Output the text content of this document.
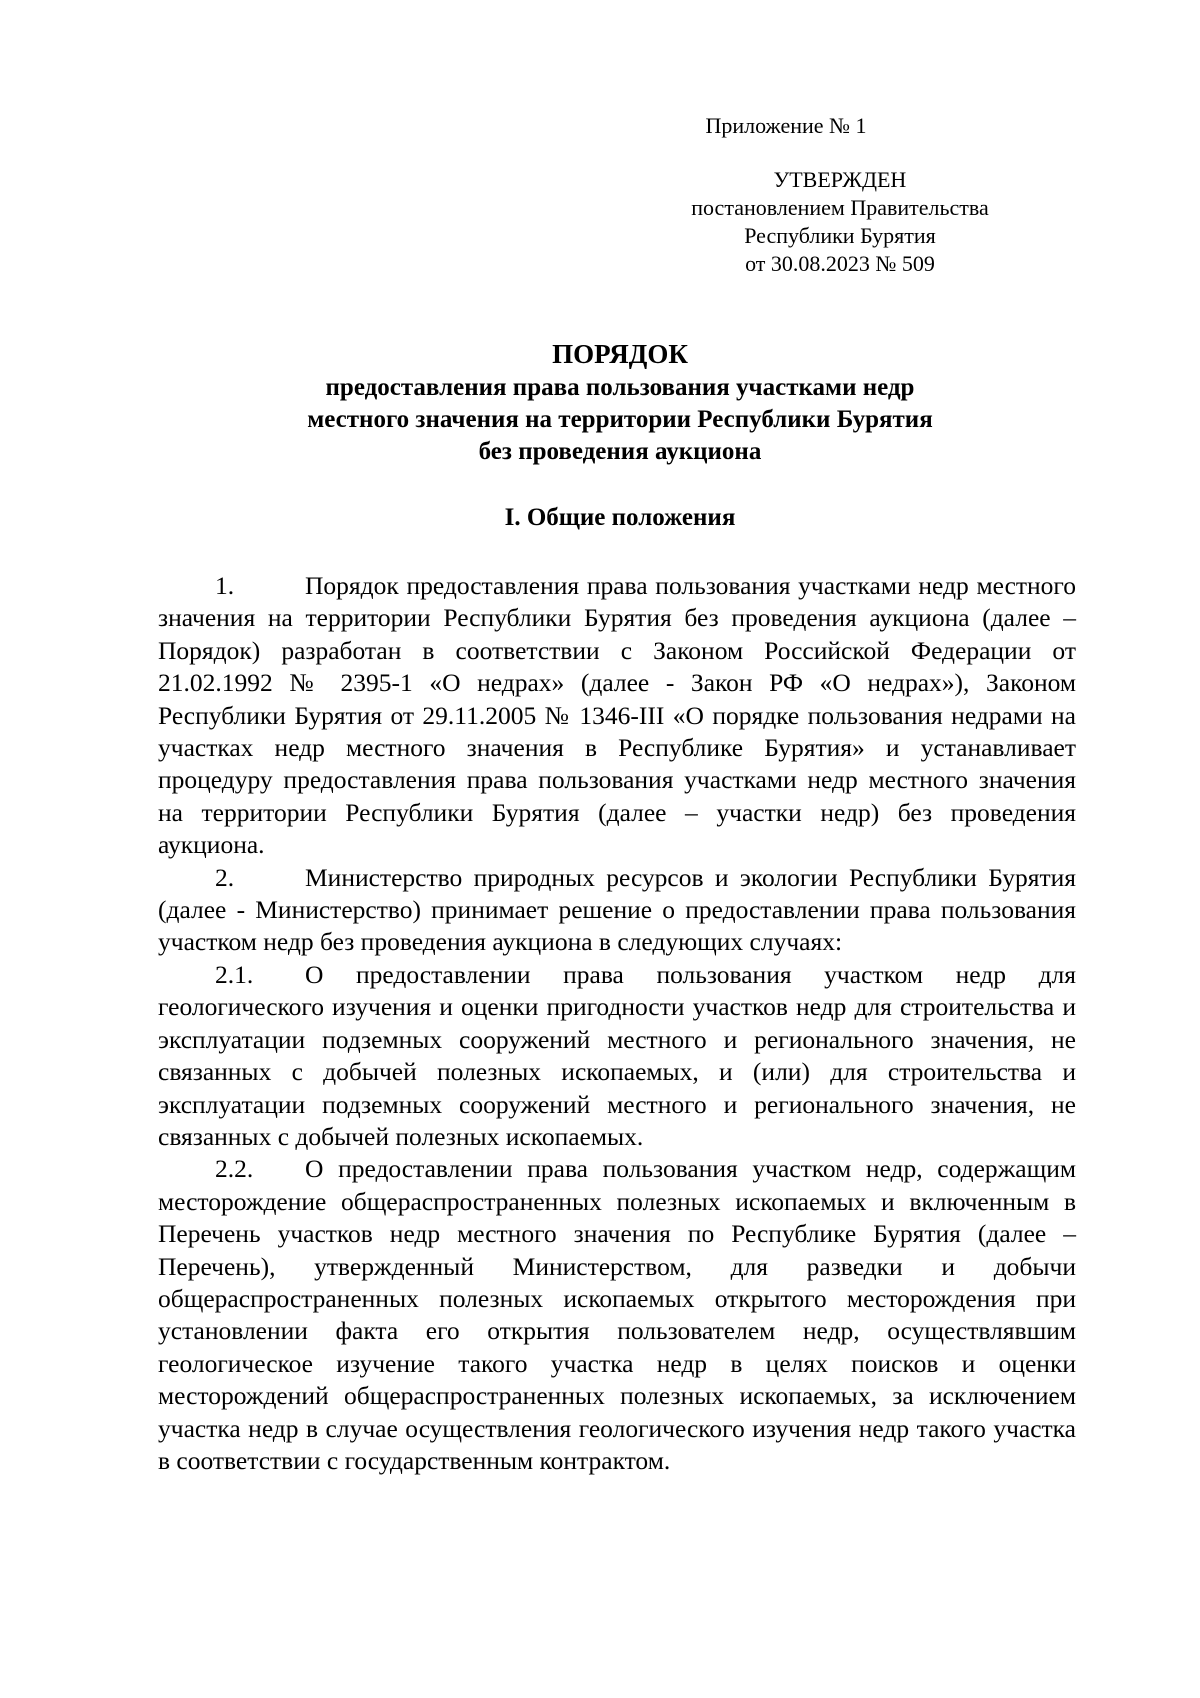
Приложение № 1
УТВЕРЖДЕН
постановлением Правительства
Республики Бурятия
от 30.08.2023 № 509
ПОРЯДОК
предоставления права пользования участками недр
местного значения на территории Республики Бурятия
без проведения аукциона
I. Общие положения

1.	Порядок предоставления права пользования участками недр местного значения на территории Республики Бурятия без проведения аукциона (далее – Порядок) разработан в соответствии с Законом Российской Федерации от 21.02.1992 № 2395-1 «О недрах» (далее - Закон РФ «О недрах»), Законом Республики Бурятия от 29.11.2005 № 1346-III «О порядке пользования недрами на участках недр местного значения в Республике Бурятия» и устанавливает процедуру предоставления права пользования участками недр местного значения на территории Республики Бурятия (далее – участки недр) без проведения аукциона.

2.	Министерство природных ресурсов и экологии Республики Бурятия (далее - Министерство) принимает решение о предоставлении права пользования участком недр без проведения аукциона в следующих случаях:

2.1. О предоставлении права пользования участком недр для геологического изучения и оценки пригодности участков недр для строительства и эксплуатации подземных сооружений местного и регионального значения, не связанных с добычей полезных ископаемых, и (или) для строительства и эксплуатации подземных сооружений местного и регионального значения, не связанных с добычей полезных ископаемых.

2.2. О предоставлении права пользования участком недр, содержащим месторождение общераспространенных полезных ископаемых и включенным в Перечень участков недр местного значения по Республике Бурятия (далее – Перечень), утвержденный Министерством, для разведки и добычи общераспространенных полезных ископаемых открытого месторождения при установлении факта его открытия пользователем недр, осуществлявшим геологическое изучение такого участка недр в целях поисков и оценки месторождений общераспространенных полезных ископаемых, за исключением участка недр в случае осуществления геологического изучения недр такого участка в соответствии с государственным контрактом.
